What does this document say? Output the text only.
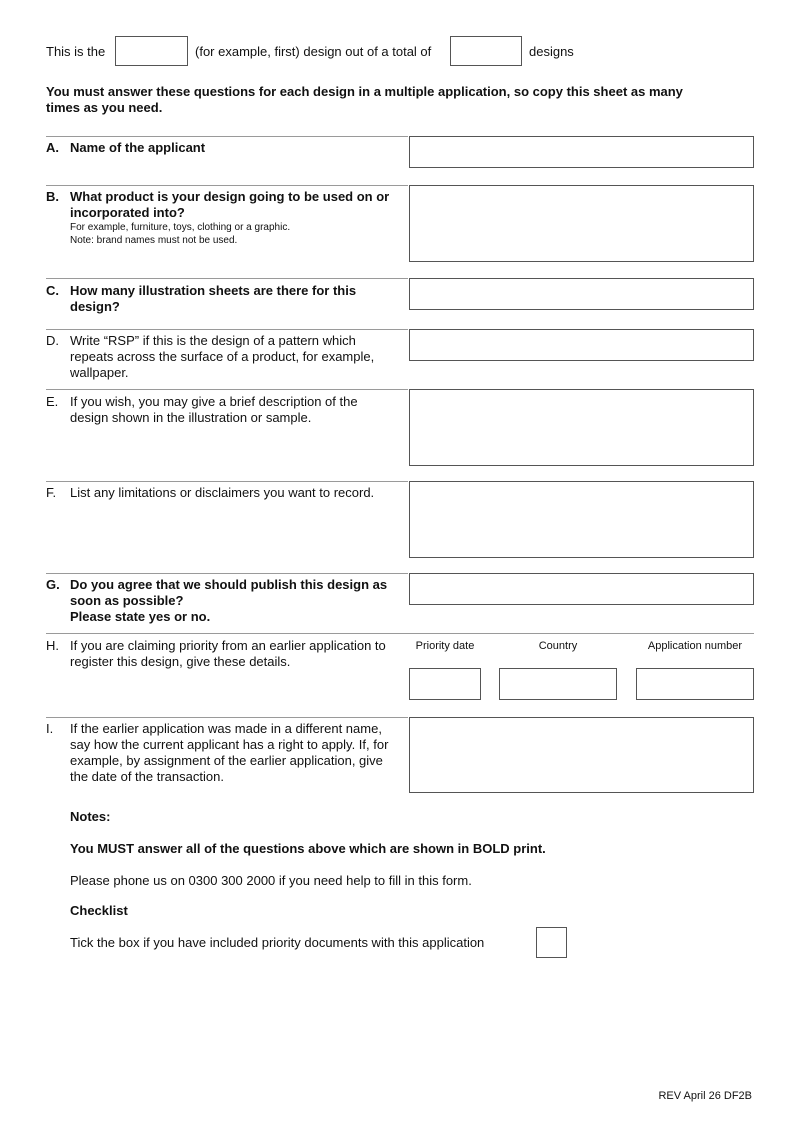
This is the	(for example, first) design out of a total of	designs
You must answer these questions for each design in a multiple application, so copy this sheet as many times as you need.
A. Name of the applicant
B. What product is your design going to be used on or incorporated into?
For example, furniture, toys, clothing or a graphic.
Note: brand names must not be used.
C. How many illustration sheets are there for this design?
D. Write “RSP” if this is the design of a pattern which repeats across the surface of a product, for example, wallpaper.
E. If you wish, you may give a brief description of the design shown in the illustration or sample.
F. List any limitations or disclaimers you want to record.
G. Do you agree that we should publish this design as soon as possible?
Please state yes or no.
H. If you are claiming priority from an earlier application to register this design, give these details.
Priority date	Country	Application number
I. If the earlier application was made in a different name, say how the current applicant has a right to apply. If, for example, by assignment of the earlier application, give the date of the transaction.
Notes:
You MUST answer all of the questions above which are shown in BOLD print.
Please phone us on 0300 300 2000 if you need help to fill in this form.
Checklist
Tick the box if you have included priority documents with this application
REV April 26 DF2B
